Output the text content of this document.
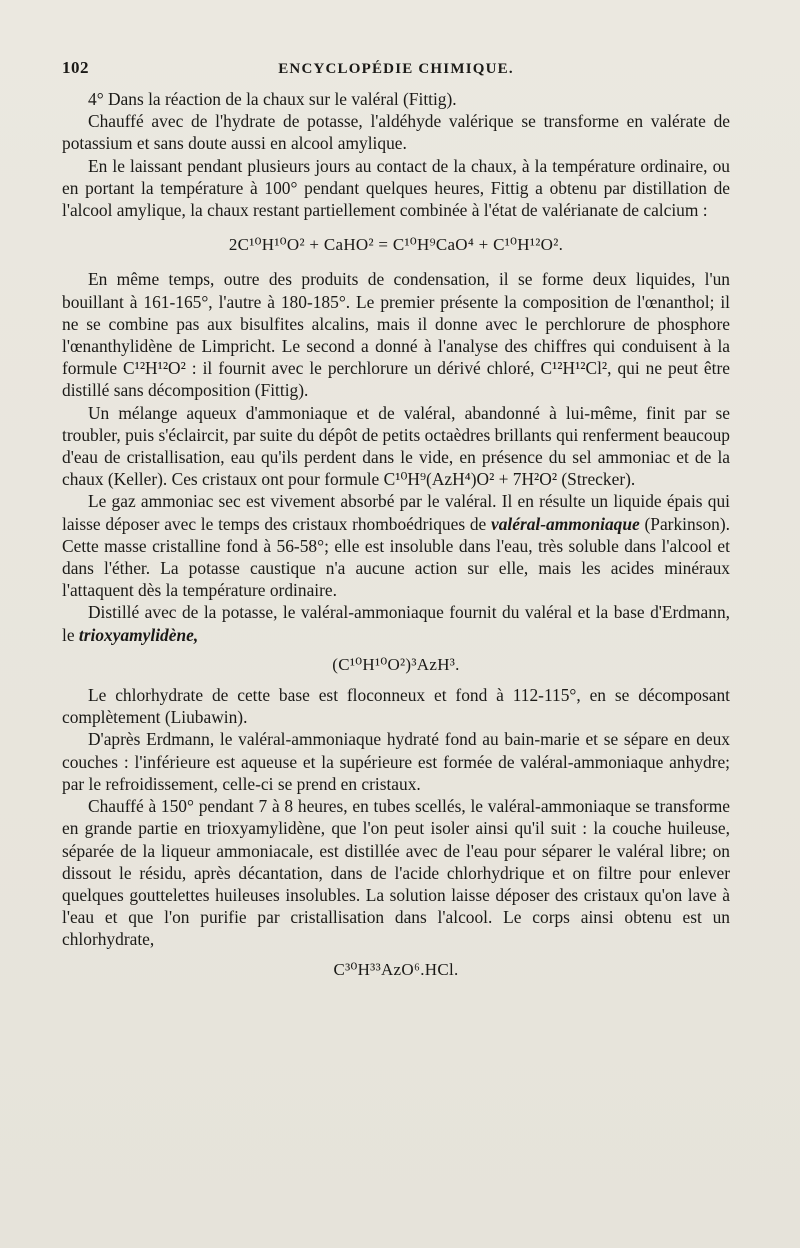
102	ENCYCLOPÉDIE CHIMIQUE.

4° Dans la réaction de la chaux sur le valéral (Fittig).

Chauffé avec de l'hydrate de potasse, l'aldéhyde valérique se transforme en valérate de potassium et sans doute aussi en alcool amylique.

En le laissant pendant plusieurs jours au contact de la chaux, à la température ordinaire, ou en portant la température à 100° pendant quelques heures, Fittig a obtenu par distillation de l'alcool amylique, la chaux restant partiellement combinée à l'état de valérianate de calcium :

2C¹⁰H¹⁰O² + CaHO² = C¹⁰H⁹CaO⁴ + C¹⁰H¹²O².

En même temps, outre des produits de condensation, il se forme deux liquides, l'un bouillant à 161-165°, l'autre à 180-185°. Le premier présente la composition de l'œnanthol; il ne se combine pas aux bisulfites alcalins, mais il donne avec le perchlorure de phosphore l'œnanthylidène de Limpricht. Le second a donné à l'analyse des chiffres qui conduisent à la formule C¹²H¹²O² : il fournit avec le perchlorure un dérivé chloré, C¹²H¹²Cl², qui ne peut être distillé sans décomposition (Fittig).

Un mélange aqueux d'ammoniaque et de valéral, abandonné à lui-même, finit par se troubler, puis s'éclaircit, par suite du dépôt de petits octaèdres brillants qui renferment beaucoup d'eau de cristallisation, eau qu'ils perdent dans le vide, en présence du sel ammoniac et de la chaux (Keller). Ces cristaux ont pour formule C¹⁰H⁹(AzH⁴)O² + 7H²O² (Strecker).

Le gaz ammoniac sec est vivement absorbé par le valéral. Il en résulte un liquide épais qui laisse déposer avec le temps des cristaux rhomboédriques de valéral-ammoniaque (Parkinson). Cette masse cristalline fond à 56-58°; elle est insoluble dans l'eau, très soluble dans l'alcool et dans l'éther. La potasse caustique n'a aucune action sur elle, mais les acides minéraux l'attaquent dès la température ordinaire.

Distillé avec de la potasse, le valéral-ammoniaque fournit du valéral et la base d'Erdmann, le trioxyamylidène,

(C¹⁰H¹⁰O²)³AzH³.

Le chlorhydrate de cette base est floconneux et fond à 112-115°, en se décomposant complètement (Liubawin).

D'après Erdmann, le valéral-ammoniaque hydraté fond au bain-marie et se sépare en deux couches : l'inférieure est aqueuse et la supérieure est formée de valéral-ammoniaque anhydre; par le refroidissement, celle-ci se prend en cristaux.

Chauffé à 150° pendant 7 à 8 heures, en tubes scellés, le valéral-ammoniaque se transforme en grande partie en trioxyamylidène, que l'on peut isoler ainsi qu'il suit : la couche huileuse, séparée de la liqueur ammoniacale, est distillée avec de l'eau pour séparer le valéral libre; on dissout le résidu, après décantation, dans de l'acide chlorhydrique et on filtre pour enlever quelques gouttelettes huileuses insolubles. La solution laisse déposer des cristaux qu'on lave à l'eau et que l'on purifie par cristallisation dans l'alcool. Le corps ainsi obtenu est un chlorhydrate,

C³⁰H³³AzO⁶.HCl.
